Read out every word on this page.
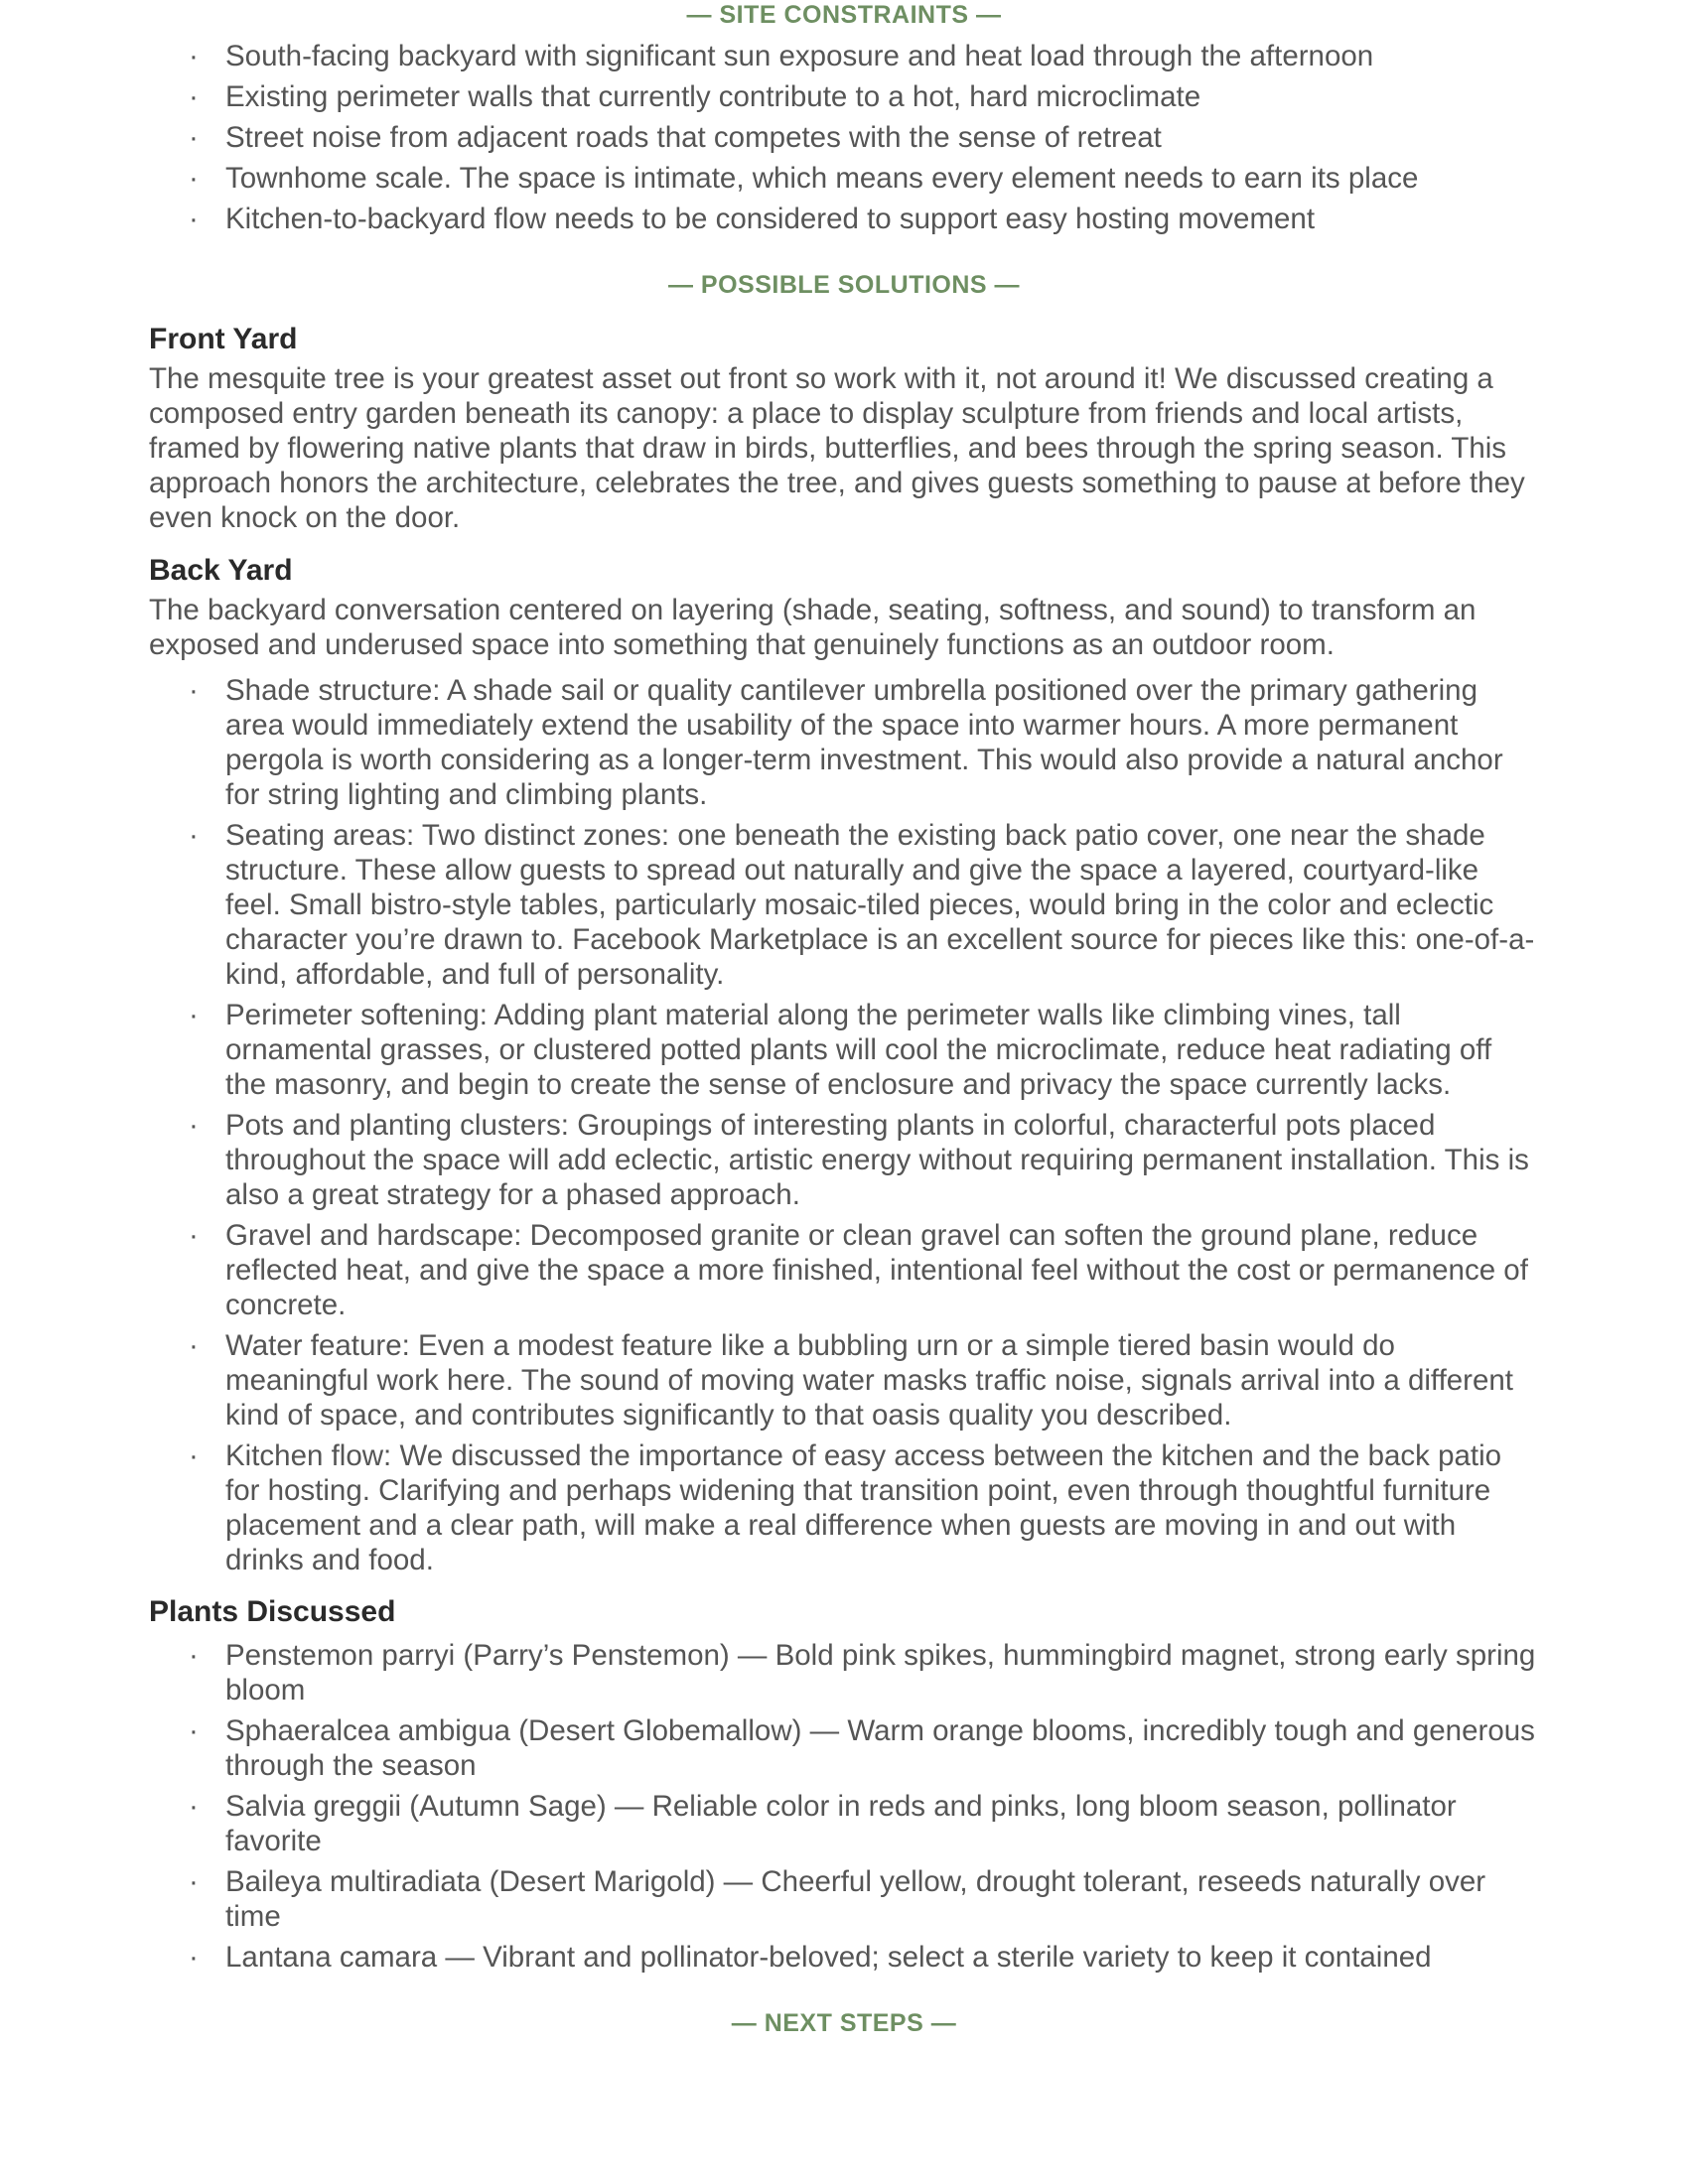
— SITE CONSTRAINTS —
· South-facing backyard with significant sun exposure and heat load through the afternoon
· Existing perimeter walls that currently contribute to a hot, hard microclimate
· Street noise from adjacent roads that competes with the sense of retreat
· Townhome scale. The space is intimate, which means every element needs to earn its place
· Kitchen-to-backyard flow needs to be considered to support easy hosting movement
— POSSIBLE SOLUTIONS —
Front Yard

The mesquite tree is your greatest asset out front so work with it, not around it! We discussed creating a composed entry garden beneath its canopy: a place to display sculpture from friends and local artists, framed by flowering native plants that draw in birds, butterflies, and bees through the spring season. This approach honors the architecture, celebrates the tree, and gives guests something to pause at before they even knock on the door.

Back Yard

The backyard conversation centered on layering (shade, seating, softness, and sound) to transform an exposed and underused space into something that genuinely functions as an outdoor room.

· Shade structure: A shade sail or quality cantilever umbrella positioned over the primary gathering area would immediately extend the usability of the space into warmer hours. A more permanent pergola is worth considering as a longer-term investment. This would also provide a natural anchor for string lighting and climbing plants.
· Seating areas: Two distinct zones: one beneath the existing back patio cover, one near the shade structure. These allow guests to spread out naturally and give the space a layered, courtyard-like feel. Small bistro-style tables, particularly mosaic-tiled pieces, would bring in the color and eclectic character you’re drawn to. Facebook Marketplace is an excellent source for pieces like this: one-of-a-kind, affordable, and full of personality.
· Perimeter softening: Adding plant material along the perimeter walls like climbing vines, tall ornamental grasses, or clustered potted plants will cool the microclimate, reduce heat radiating off the masonry, and begin to create the sense of enclosure and privacy the space currently lacks.
· Pots and planting clusters: Groupings of interesting plants in colorful, characterful pots placed throughout the space will add eclectic, artistic energy without requiring permanent installation. This is also a great strategy for a phased approach.
· Gravel and hardscape: Decomposed granite or clean gravel can soften the ground plane, reduce reflected heat, and give the space a more finished, intentional feel without the cost or permanence of concrete.
· Water feature: Even a modest feature like a bubbling urn or a simple tiered basin would do meaningful work here. The sound of moving water masks traffic noise, signals arrival into a different kind of space, and contributes significantly to that oasis quality you described.
· Kitchen flow: We discussed the importance of easy access between the kitchen and the back patio for hosting. Clarifying and perhaps widening that transition point, even through thoughtful furniture placement and a clear path, will make a real difference when guests are moving in and out with drinks and food.
Plants Discussed
· Penstemon parryi (Parry’s Penstemon) — Bold pink spikes, hummingbird magnet, strong early spring bloom
· Sphaeralcea ambigua (Desert Globemallow) — Warm orange blooms, incredibly tough and generous through the season
· Salvia greggii (Autumn Sage) — Reliable color in reds and pinks, long bloom season, pollinator favorite
· Baileya multiradiata (Desert Marigold) — Cheerful yellow, drought tolerant, reseeds naturally over time
· Lantana camara — Vibrant and pollinator-beloved; select a sterile variety to keep it contained
— NEXT STEPS —
